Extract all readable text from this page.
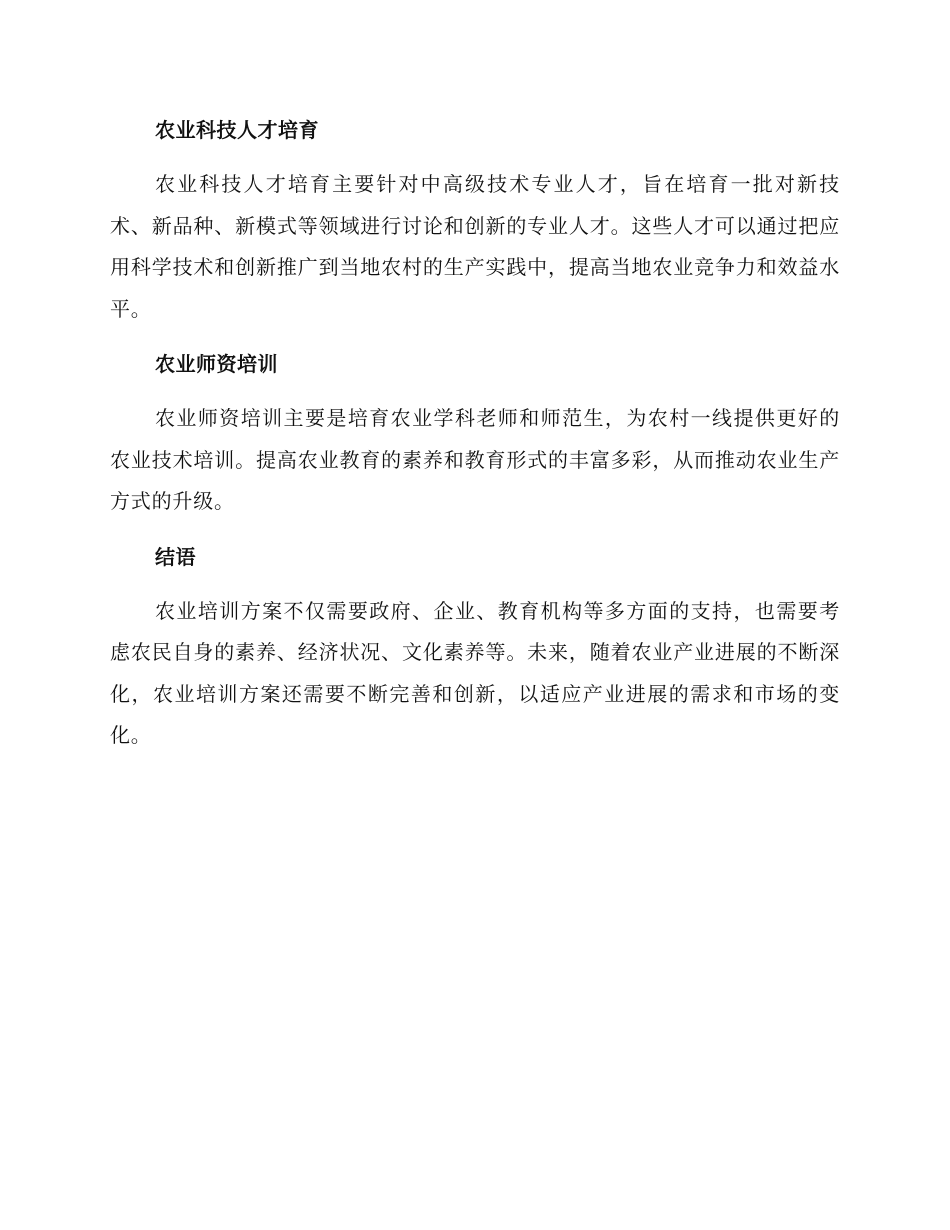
农业科技人才培育

农业科技人才培育主要针对中高级技术专业人才，旨在培育一批对新技术、新品种、新模式等领域进行讨论和创新的专业人才。这些人才可以通过把应用科学技术和创新推广到当地农村的生产实践中，提高当地农业竞争力和效益水平。

农业师资培训

农业师资培训主要是培育农业学科老师和师范生，为农村一线提供更好的农业技术培训。提高农业教育的素养和教育形式的丰富多彩，从而推动农业生产方式的升级。

结语

农业培训方案不仅需要政府、企业、教育机构等多方面的支持，也需要考虑农民自身的素养、经济状况、文化素养等。未来，随着农业产业进展的不断深化，农业培训方案还需要不断完善和创新，以适应产业进展的需求和市场的变化。
